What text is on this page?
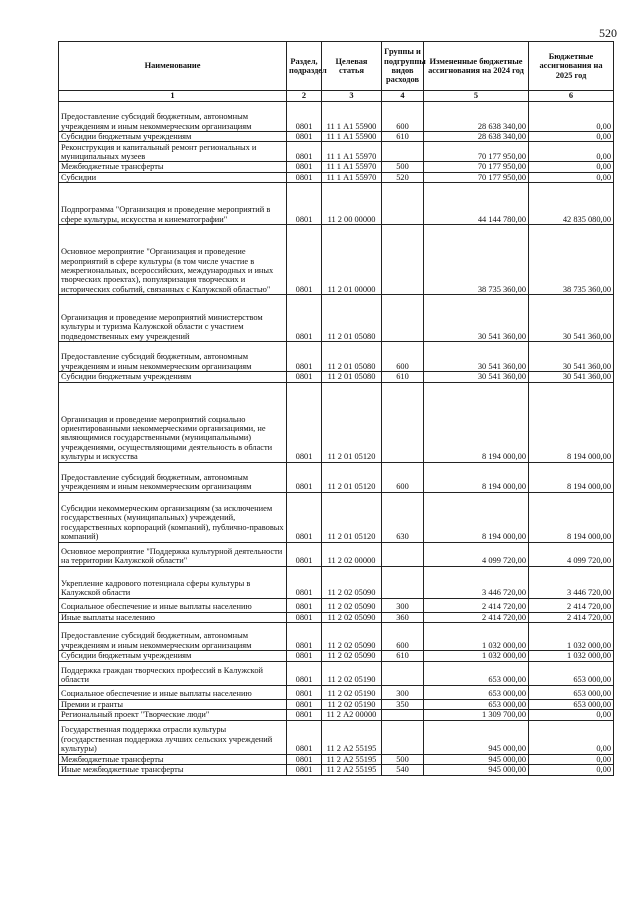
520
Наименование	Раздел, подраздел	Целевая статья	Группы и подгруппы видов расходов	Измененные бюджетные ассигнования на 2024 год	Бюджетные ассигнования на 2025 год
1	2	3	4	5	6
Предоставление субсидий бюджетным, автономным учреждениям и иным некоммерческим организациям	0801	11 1 А1 55900	600	28 638 340,00	0,00
Субсидии бюджетным учреждениям	0801	11 1 А1 55900	610	28 638 340,00	0,00
Реконструкция и капитальный ремонт региональных и муниципальных музеев	0801	11 1 А1 55970		70 177 950,00	0,00
Межбюджетные трансферты	0801	11 1 А1 55970	500	70 177 950,00	0,00
Субсидии	0801	11 1 А1 55970	520	70 177 950,00	0,00
Подпрограмма "Организация и проведение мероприятий в сфере культуры, искусства и кинематографии"	0801	11 2 00 00000		44 144 780,00	42 835 080,00
Основное мероприятие "Организация и проведение мероприятий в сфере культуры (в том числе участие в межрегиональных, всероссийских, международных и иных творческих проектах), популяризация творческих и исторических событий, связанных с Калужской областью"	0801	11 2 01 00000		38 735 360,00	38 735 360,00
Организация и проведение мероприятий министерством культуры и туризма Калужской области с участием подведомственных ему учреждений	0801	11 2 01 05080		30 541 360,00	30 541 360,00
Предоставление субсидий бюджетным, автономным учреждениям и иным некоммерческим организациям	0801	11 2 01 05080	600	30 541 360,00	30 541 360,00
Субсидии бюджетным учреждениям	0801	11 2 01 05080	610	30 541 360,00	30 541 360,00
Организация и проведение мероприятий социально ориентированными некоммерческими организациями, не являющимися государственными (муниципальными) учреждениями, осуществляющими деятельность в области культуры и искусства	0801	11 2 01 05120		8 194 000,00	8 194 000,00
Предоставление субсидий бюджетным, автономным учреждениям и иным некоммерческим организациям	0801	11 2 01 05120	600	8 194 000,00	8 194 000,00
Субсидии некоммерческим организациям (за исключением государственных (муниципальных) учреждений, государственных корпораций (компаний), публично-правовых компаний)	0801	11 2 01 05120	630	8 194 000,00	8 194 000,00
Основное мероприятие "Поддержка культурной деятельности на территории Калужской области"	0801	11 2 02 00000		4 099 720,00	4 099 720,00
Укрепление кадрового потенциала сферы культуры в Калужской области	0801	11 2 02 05090		3 446 720,00	3 446 720,00
Социальное обеспечение и иные выплаты населению	0801	11 2 02 05090	300	2 414 720,00	2 414 720,00
Иные выплаты населению	0801	11 2 02 05090	360	2 414 720,00	2 414 720,00
Предоставление субсидий бюджетным, автономным учреждениям и иным некоммерческим организациям	0801	11 2 02 05090	600	1 032 000,00	1 032 000,00
Субсидии бюджетным учреждениям	0801	11 2 02 05090	610	1 032 000,00	1 032 000,00
Поддержка граждан творческих профессий в Калужской области	0801	11 2 02 05190		653 000,00	653 000,00
Социальное обеспечение и иные выплаты населению	0801	11 2 02 05190	300	653 000,00	653 000,00
Премии и гранты	0801	11 2 02 05190	350	653 000,00	653 000,00
Региональный проект "Творческие люди"	0801	11 2 А2 00000		1 309 700,00	0,00
Государственная поддержка отрасли культуры (государственная поддержка лучших сельских учреждений культуры)	0801	11 2 А2 55195		945 000,00	0,00
Межбюджетные трансферты	0801	11 2 А2 55195	500	945 000,00	0,00
Иные межбюджетные трансферты	0801	11 2 А2 55195	540	945 000,00	0,00
